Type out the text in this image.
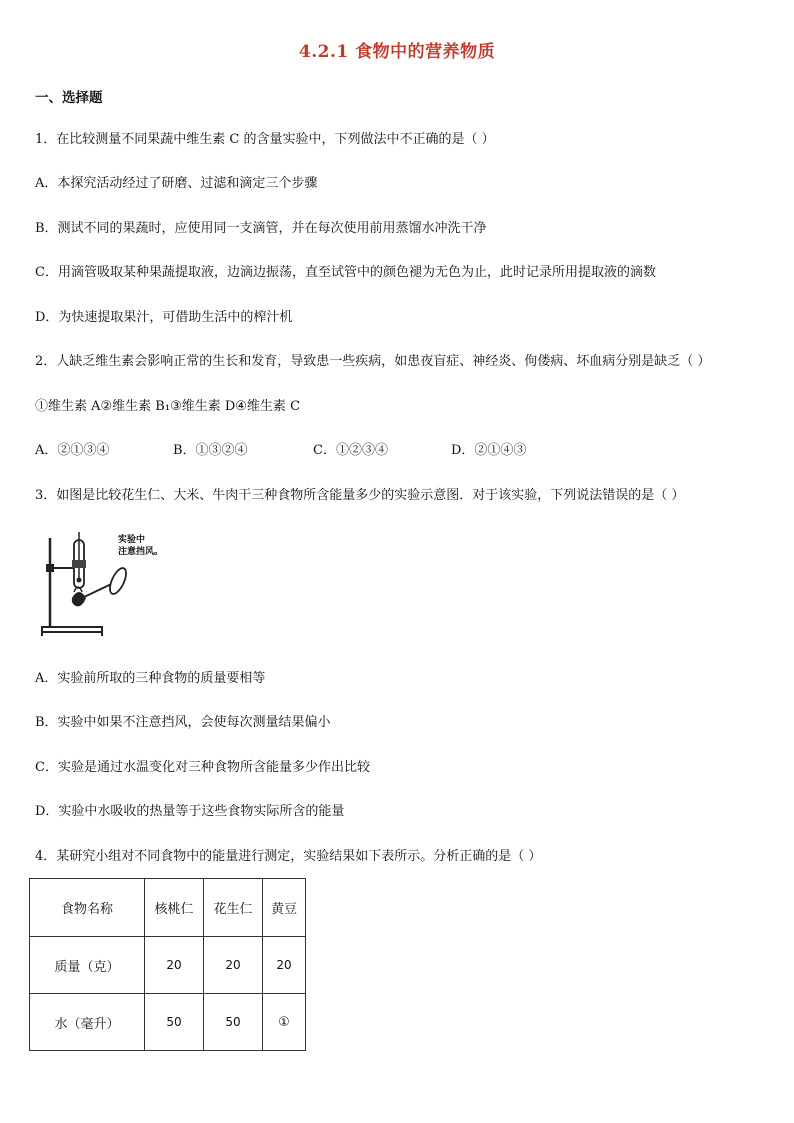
4.2.1 食物中的营养物质
一、选择题
1．在比较测量不同果蔬中维生素 C 的含量实验中，下列做法中不正确的是（ ）
A．本探究活动经过了研磨、过滤和滴定三个步骤
B．测试不同的果蔬时，应使用同一支滴管，并在每次使用前用蒸馏水冲洗干净
C．用滴管吸取某种果蔬提取液，边滴边振荡，直至试管中的颜色褪为无色为止，此时记录所用提取液的滴数
D．为快速提取果汁，可借助生活中的榨汁机
2．人缺乏维生素会影响正常的生长和发育，导致患一些疾病，如患夜盲症、神经炎、佝偻病、坏血病分别是缺乏（ ）
①维生素 A②维生素 B₁③维生素 D④维生素 C
A．②①③④	B．①③②④	C．①②③④	D．②①④③
3．如图是比较花生仁、大米、牛肉干三种食物所含能量多少的实验示意图．对于该实验，下列说法错误的是（ ）
实验中
注意挡风。
A．实验前所取的三种食物的质量要相等
B．实验中如果不注意挡风，会使每次测量结果偏小
C．实验是通过水温变化对三种食物所含能量多少作出比较
D．实验中水吸收的热量等于这些食物实际所含的能量
4．某研究小组对不同食物中的能量进行测定，实验结果如下表所示。分析正确的是（ ）
食物名称	核桃仁	花生仁	黄豆
质量（克）	20	20	20
水（毫升）	50	50	①
